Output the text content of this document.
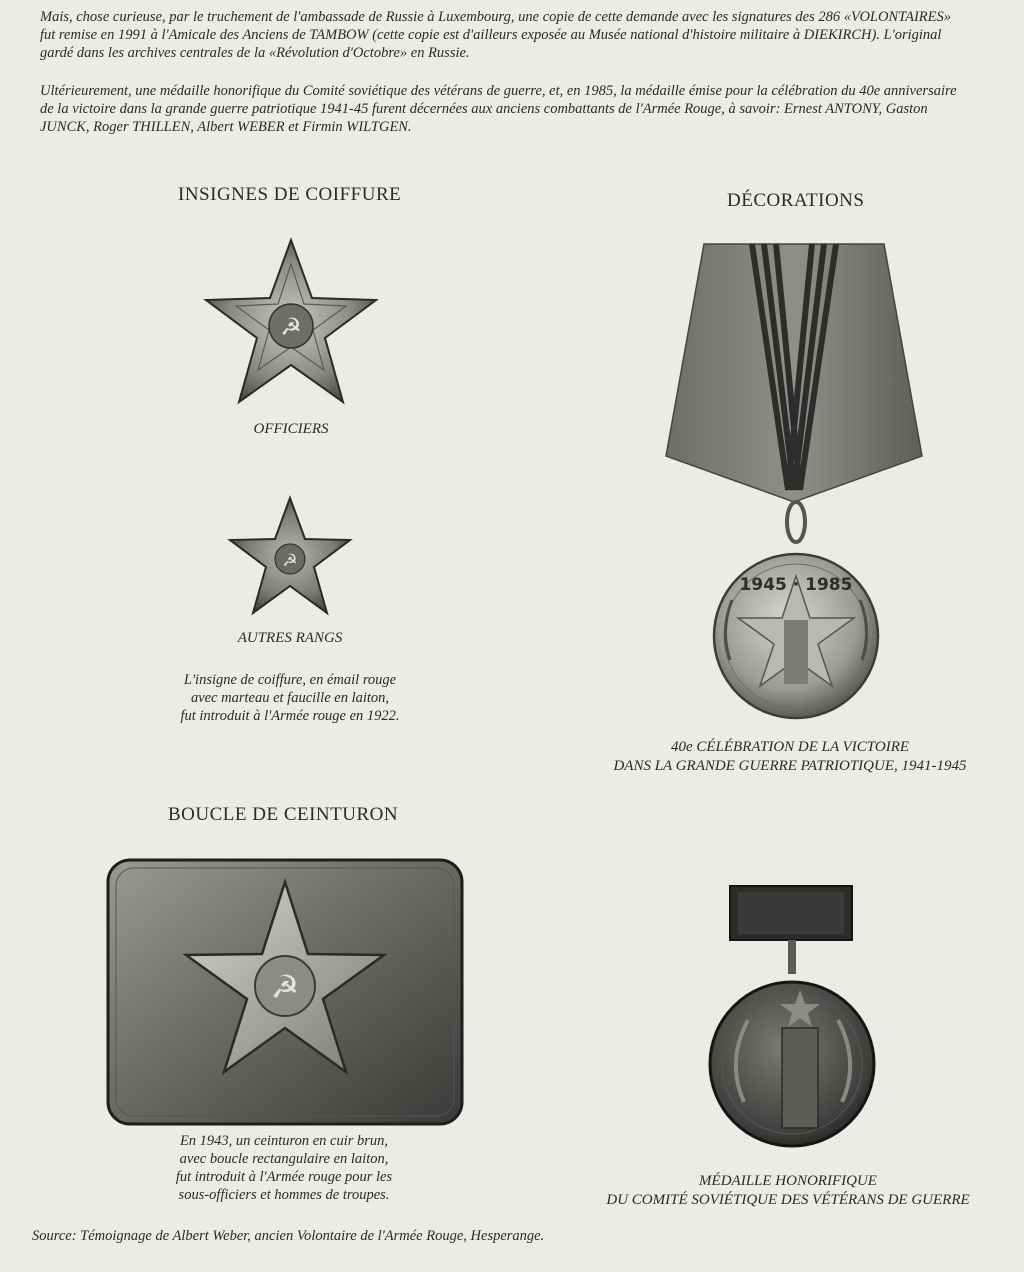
Mais, chose curieuse, par le truchement de l'ambassade de Russie à Luxembourg, une copie de cette demande avec les signatures des 286 «VOLONTAIRES»
fut remise en 1991 à l'Amicale des Anciens de TAMBOW (cette copie est d'ailleurs exposée au Musée national d'histoire militaire à DIEKIRCH). L'original
gardé dans les archives centrales de la «Révolution d'Octobre» en Russie.
Ultérieurement, une médaille honorifique du Comité soviétique des vétérans de guerre, et, en 1985, la médaille émise pour la célébration du 40e anniversaire
de la victoire dans la grande guerre patriotique 1941-45 furent décernées aux anciens combattants de l'Armée Rouge, à savoir: Ernest ANTONY, Gaston
JUNCK, Roger THILLEN, Albert WEBER et Firmin WILTGEN.
INSIGNES DE COIFFURE
☭
OFFICIERS
☭
AUTRES RANGS
L'insigne de coiffure, en émail rouge
avec marteau et faucille en laiton,
fut introduit à l'Armée rouge en 1922.
BOUCLE DE CEINTURON
☭
En 1943, un ceinturon en cuir brun,
avec boucle rectangulaire en laiton,
fut introduit à l'Armée rouge pour les
sous-officiers et hommes de troupes.
DÉCORATIONS
1945 · 1985
40e CÉLÉBRATION DE LA VICTOIRE
DANS LA GRANDE GUERRE PATRIOTIQUE, 1941-1945
MÉDAILLE HONORIFIQUE
DU COMITÉ SOVIÉTIQUE DES VÉTÉRANS DE GUERRE
Source: Témoignage de Albert Weber, ancien Volontaire de l'Armée Rouge, Hesperange.
